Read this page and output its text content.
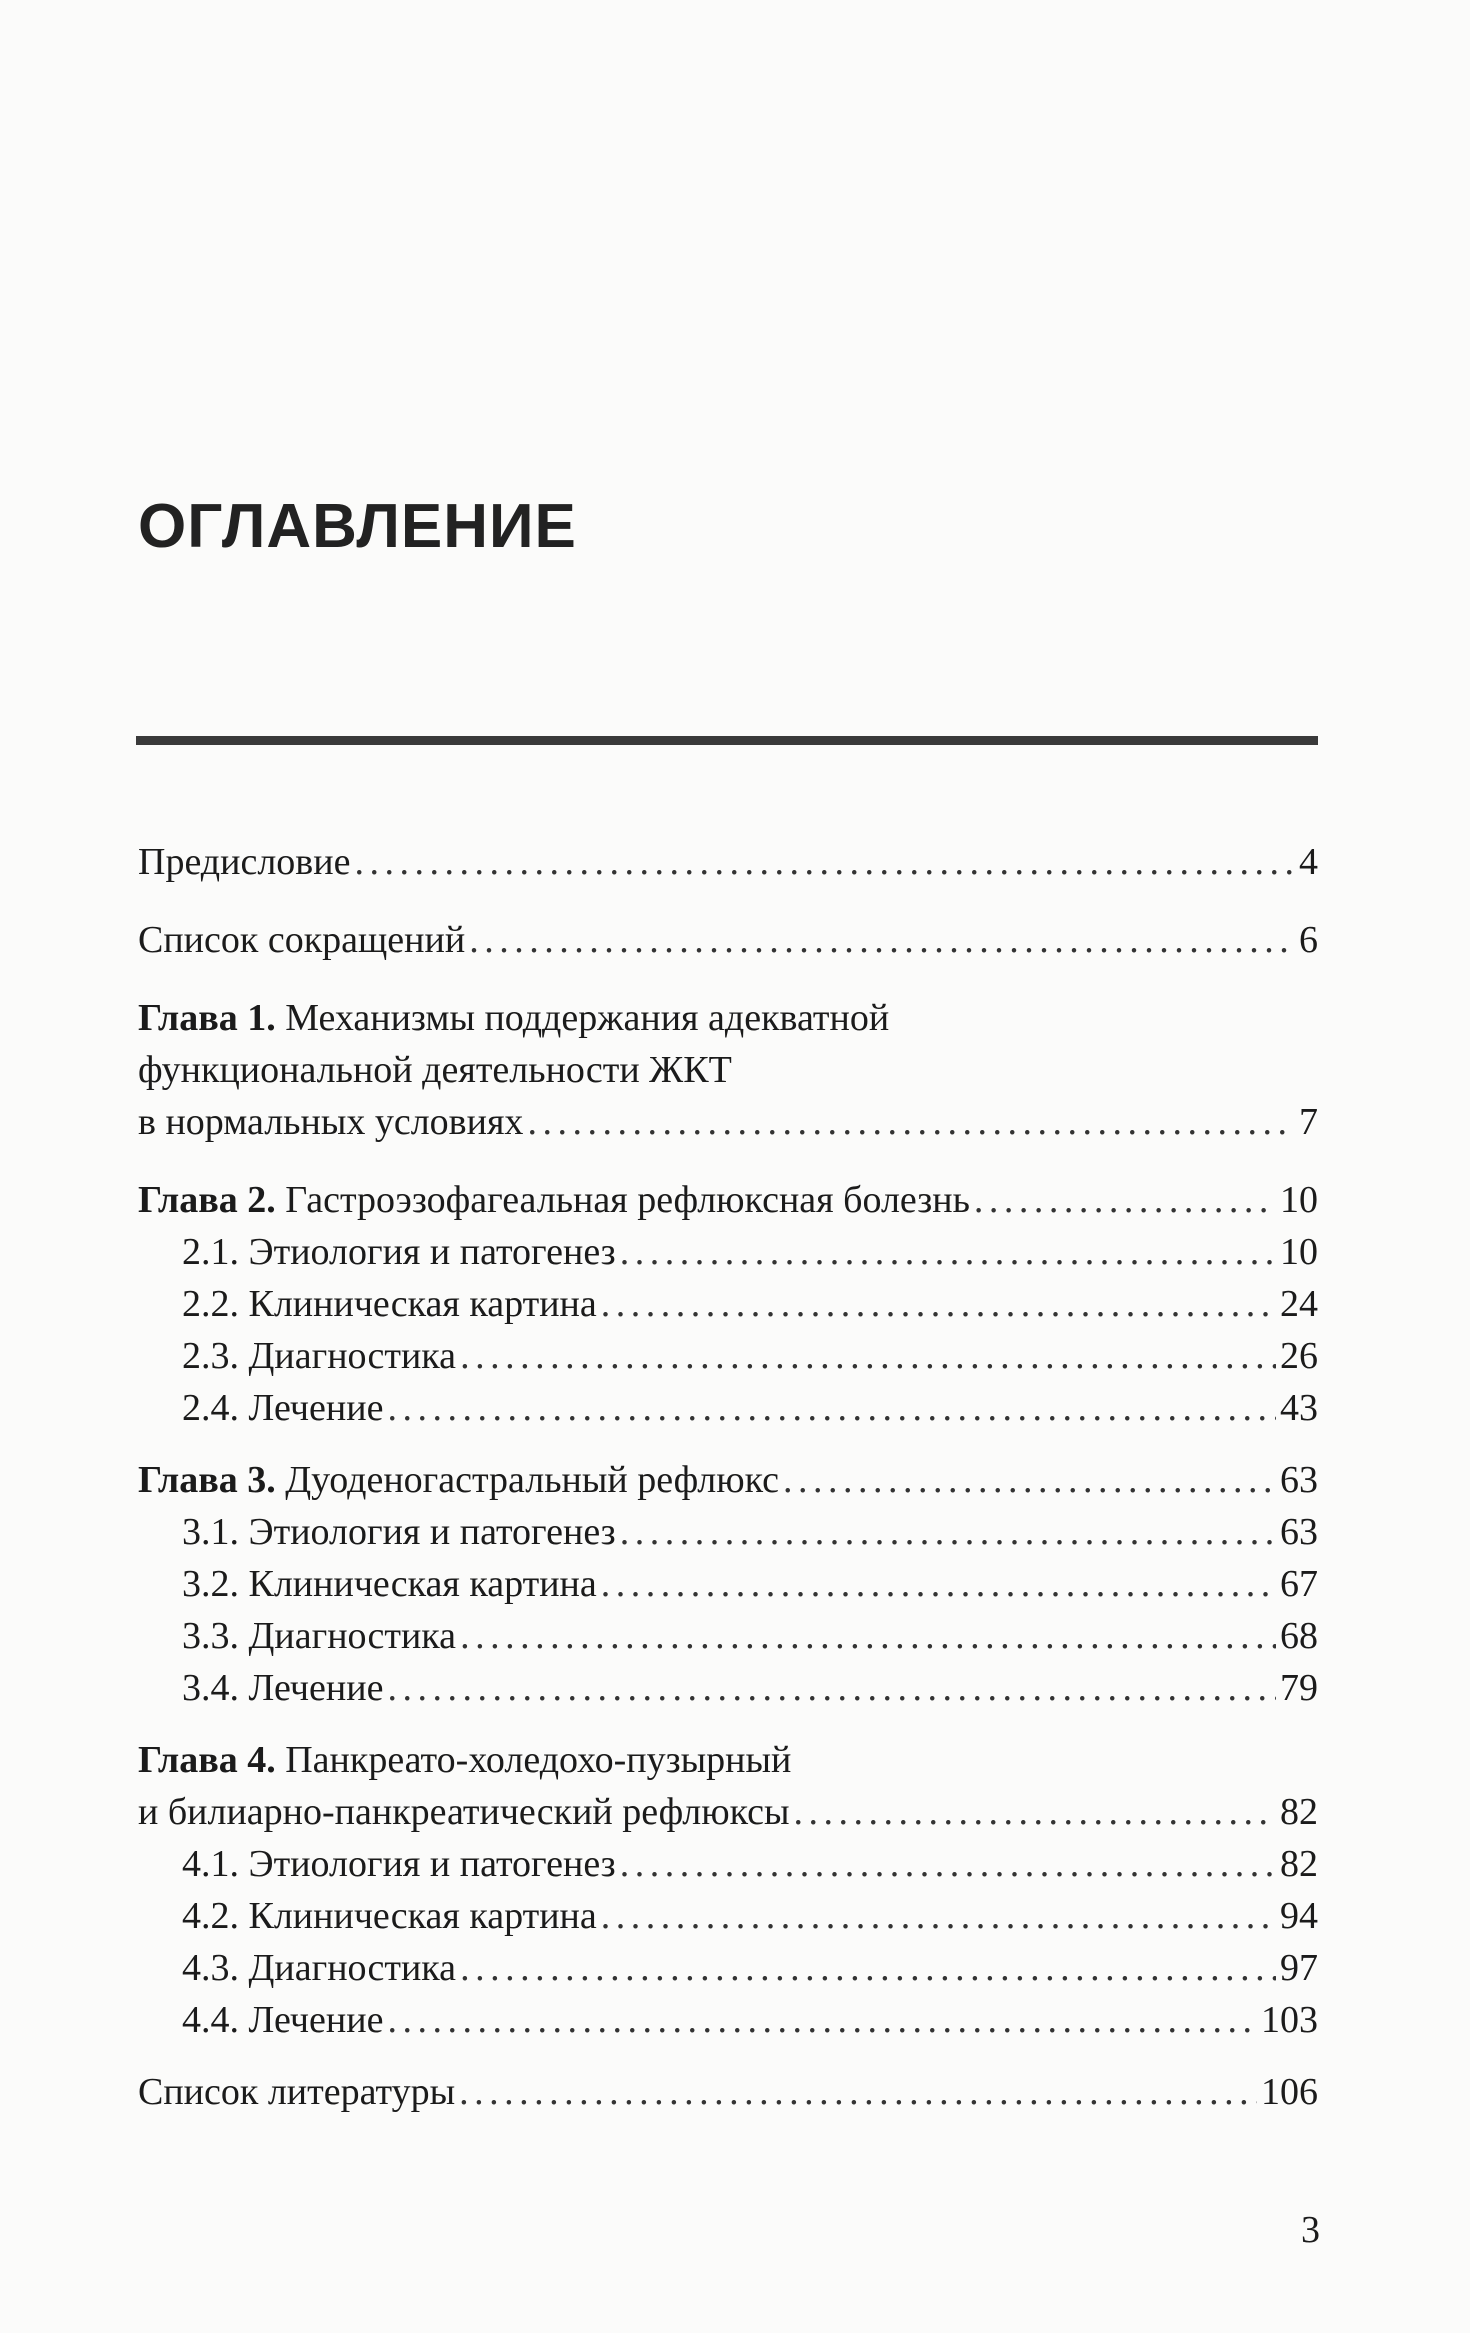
ОГЛАВЛЕНИЕ
Предисловие . . .	4
Список сокращений . . .	6
Глава 1. Механизмы поддержания адекватной
функциональной деятельности ЖКТ
в нормальных условиях . . .	7
Глава 2. Гастроэзофагеальная рефлюксная болезнь . . .	10
2.1. Этиология и патогенез . . .	10
2.2. Клиническая картина . . .	24
2.3. Диагностика . . .	26
2.4. Лечение . . .	43
Глава 3. Дуоденогастральный рефлюкс . . .	63
3.1. Этиология и патогенез . . .	63
3.2. Клиническая картина . . .	67
3.3. Диагностика . . .	68
3.4. Лечение . . .	79
Глава 4. Панкреато-холедохо-пузырный
и билиарно-панкреатический рефлюксы . . .	82
4.1. Этиология и патогенез . . .	82
4.2. Клиническая картина . . .	94
4.3. Диагностика . . .	97
4.4. Лечение . . .	103
Список литературы . . .	106
3
